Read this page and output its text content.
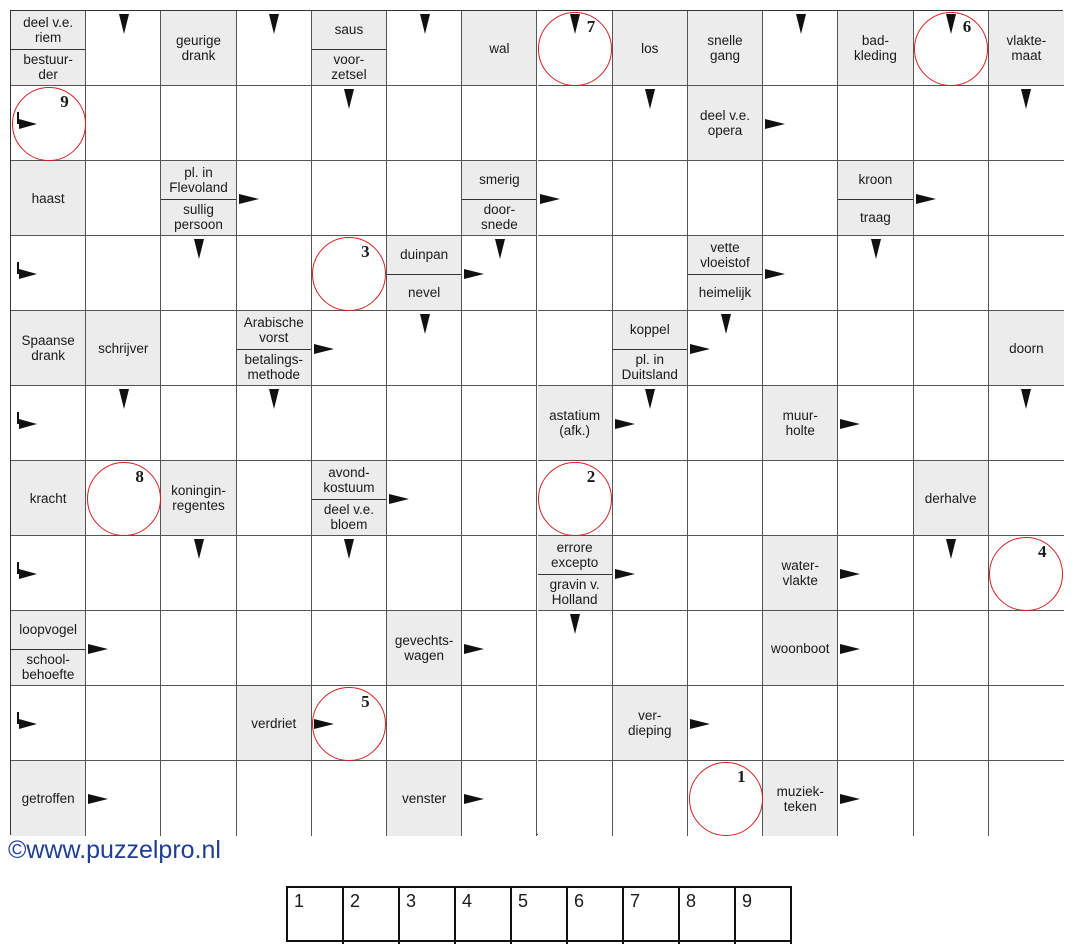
deel v.e.
riem
bestuur-
der
geurige
drank
saus
voor-
zetsel
wal	los	snelle
gang
bad-
kleding
vlakte-
maat
deel v.e.
opera
haast
pl. in
Flevoland
sullig
persoon
smerig
door-
snede
kroon
traag
duinpan
nevel
vette
vloeistof
heimelijk
Spaanse
drank	schrijver
Arabische
vorst
betalings-
methode
koppel
pl. in
Duitsland
doorn
astatium
(afk.)
muur-
holte
kracht	koningin-
regentes
avond-
kostuum
deel v.e.
bloem
derhalve
errore
excepto
gravin v.
Holland
water-
vlakte
loopvogel
school-
behoefte
gevechts-
wagen	woonboot
verdriet	ver-
dieping
getroffen	venster	muziek-
teken
1
2
3
4
5
6
7
8
9
©www.puzzelpro.nl
1	2	3	4	5	6	7	8	9
